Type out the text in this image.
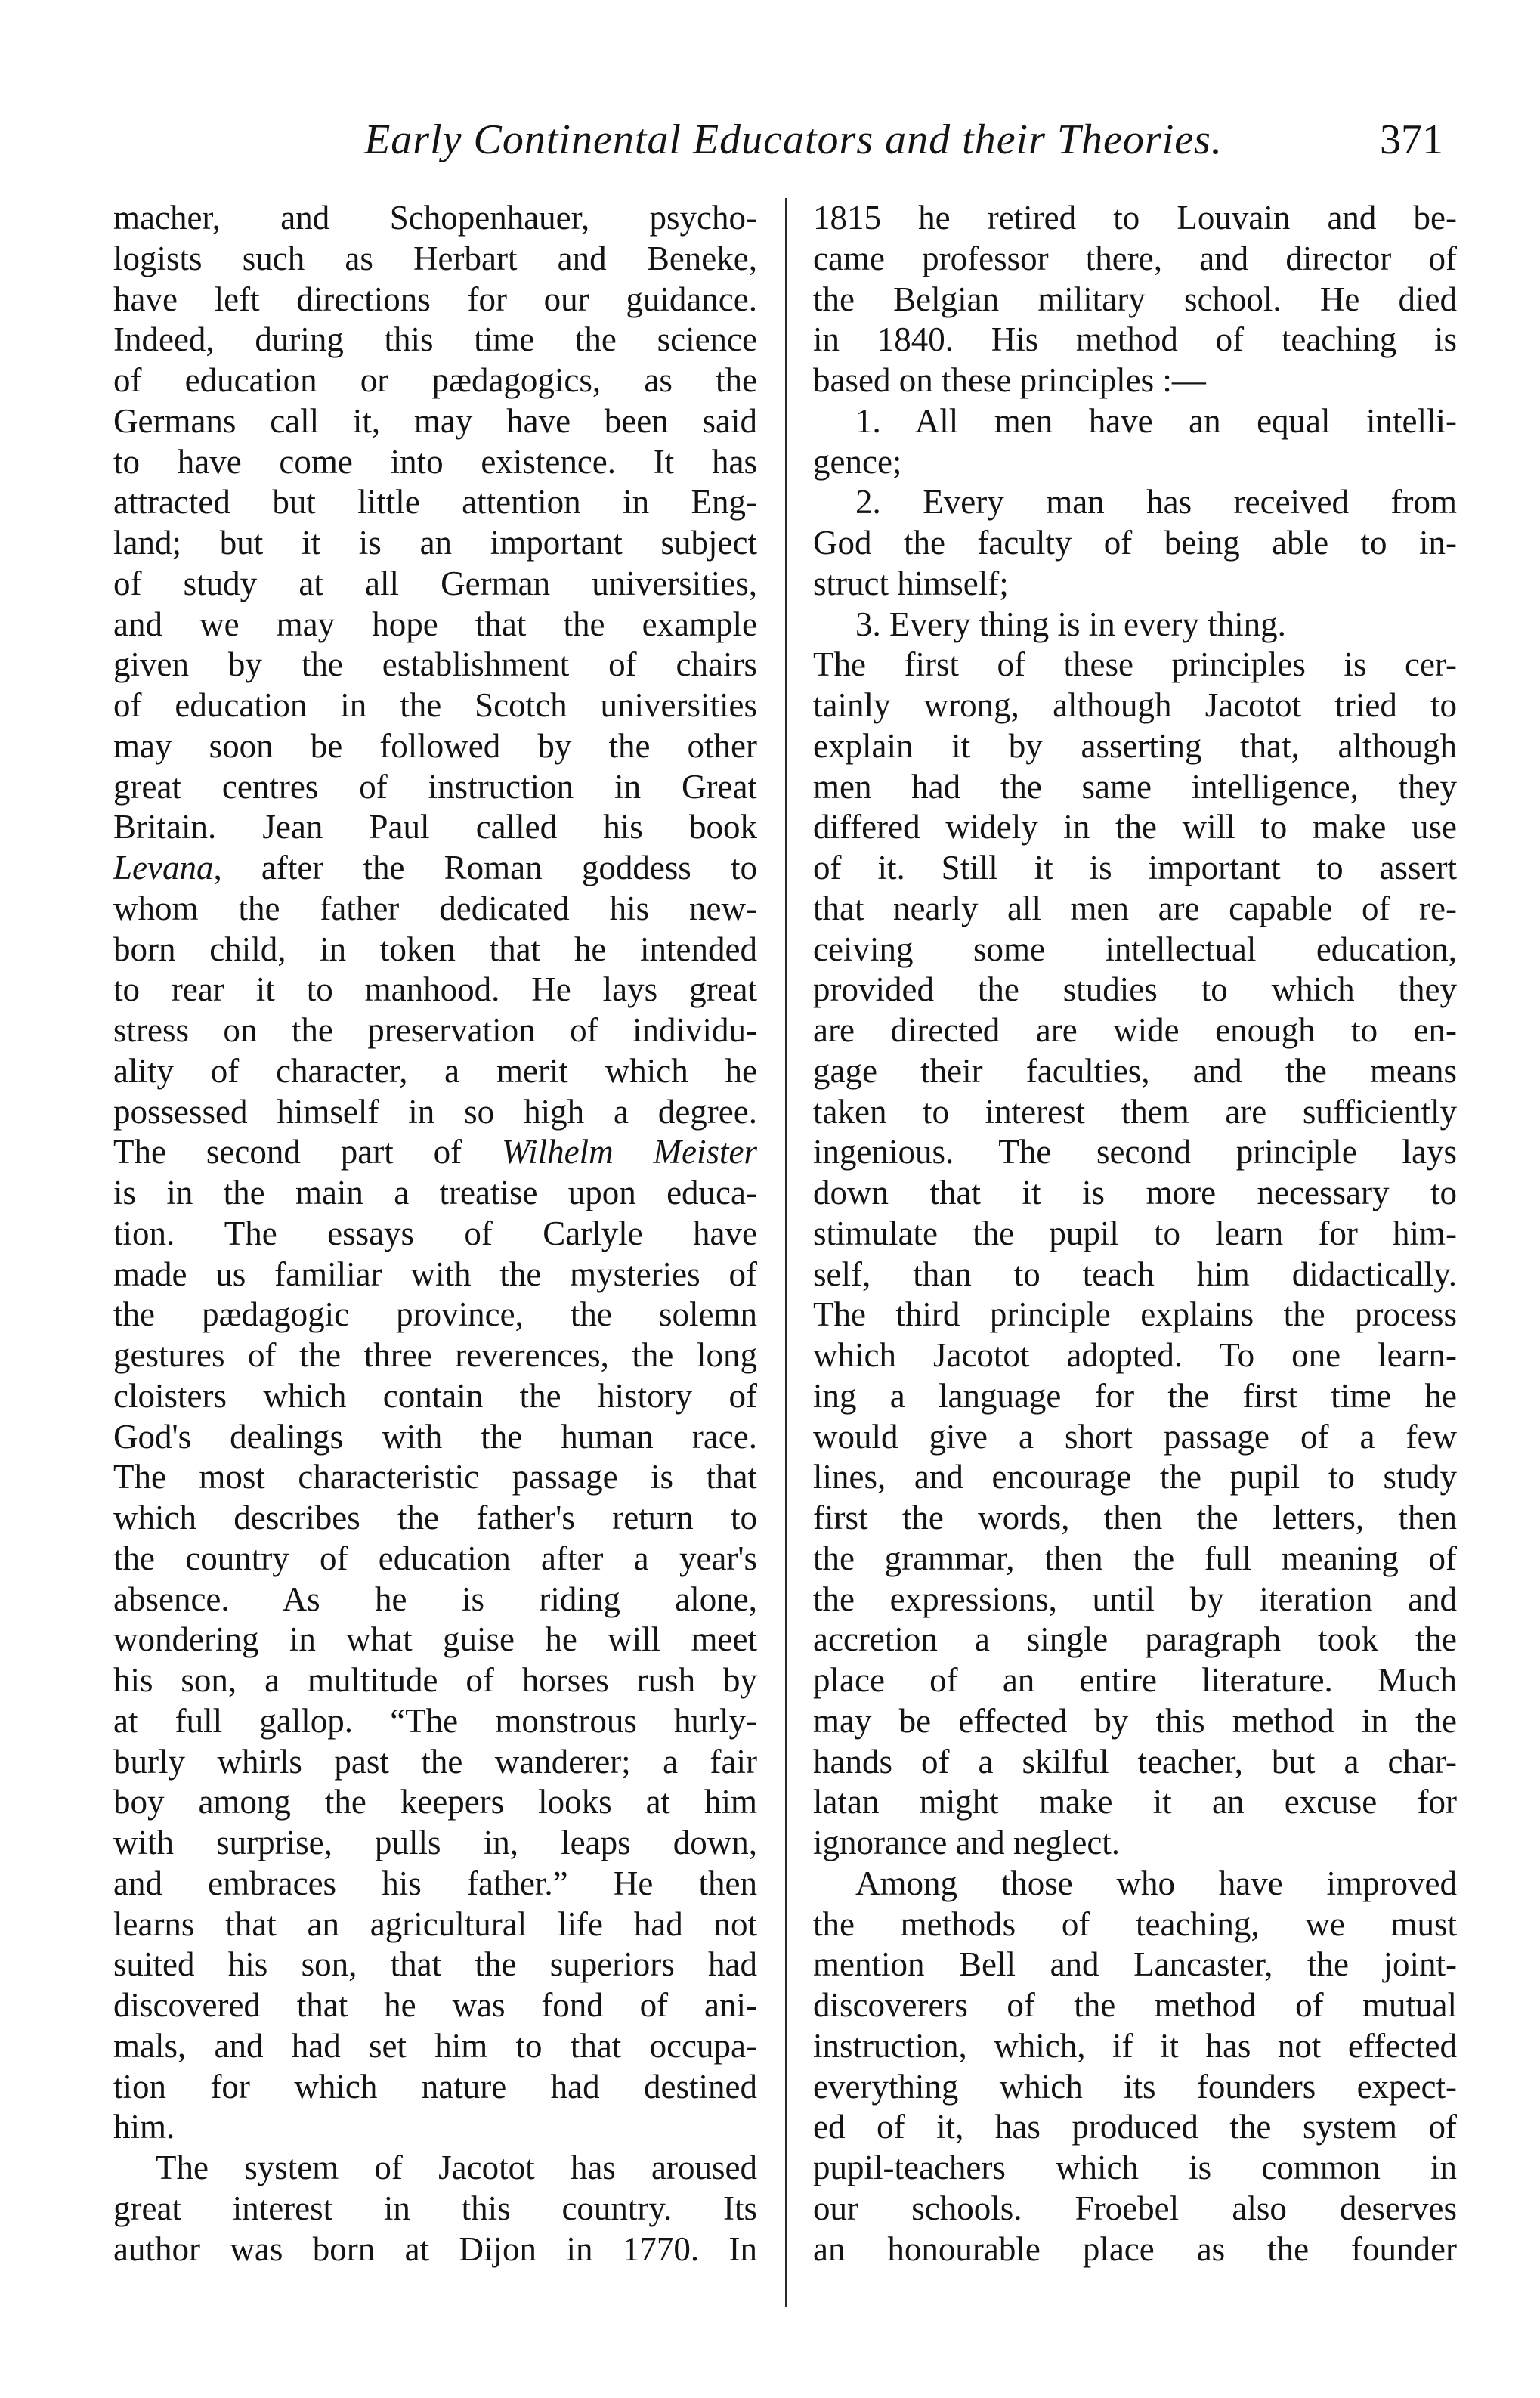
Early Continental Educators and their Theories.	371
macher, and Schopenhauer, psycho-
logists such as Herbart and Beneke,
have left directions for our guidance.
Indeed, during this time the science
of education or pædagogics, as the
Germans call it, may have been said
to have come into existence. It has
attracted but little attention in Eng-
land; but it is an important subject
of study at all German universities,
and we may hope that the example
given by the establishment of chairs
of education in the Scotch universities
may soon be followed by the other
great centres of instruction in Great
Britain. Jean Paul called his book
Levana, after the Roman goddess to
whom the father dedicated his new-
born child, in token that he intended
to rear it to manhood. He lays great
stress on the preservation of individu-
ality of character, a merit which he
possessed himself in so high a degree.
The second part of Wilhelm Meister
is in the main a treatise upon educa-
tion. The essays of Carlyle have
made us familiar with the mysteries of
the pædagogic province, the solemn
gestures of the three reverences, the long
cloisters which contain the history of
God's dealings with the human race.
The most characteristic passage is that
which describes the father's return to
the country of education after a year's
absence. As he is riding alone,
wondering in what guise he will meet
his son, a multitude of horses rush by
at full gallop. “The monstrous hurly-
burly whirls past the wanderer; a fair
boy among the keepers looks at him
with surprise, pulls in, leaps down,
and embraces his father.” He then
learns that an agricultural life had not
suited his son, that the superiors had
discovered that he was fond of ani-
mals, and had set him to that occupa-
tion for which nature had destined
him.
The system of Jacotot has aroused
great interest in this country. Its
author was born at Dijon in 1770. In
1815 he retired to Louvain and be-
came professor there, and director of
the Belgian military school. He died
in 1840. His method of teaching is
based on these principles :—
1. All men have an equal intelli-
gence;
2. Every man has received from
God the faculty of being able to in-
struct himself;
3. Every thing is in every thing.
The first of these principles is cer-
tainly wrong, although Jacotot tried to
explain it by asserting that, although
men had the same intelligence, they
differed widely in the will to make use
of it. Still it is important to assert
that nearly all men are capable of re-
ceiving some intellectual education,
provided the studies to which they
are directed are wide enough to en-
gage their faculties, and the means
taken to interest them are sufficiently
ingenious. The second principle lays
down that it is more necessary to
stimulate the pupil to learn for him-
self, than to teach him didactically.
The third principle explains the process
which Jacotot adopted. To one learn-
ing a language for the first time he
would give a short passage of a few
lines, and encourage the pupil to study
first the words, then the letters, then
the grammar, then the full meaning of
the expressions, until by iteration and
accretion a single paragraph took the
place of an entire literature. Much
may be effected by this method in the
hands of a skilful teacher, but a char-
latan might make it an excuse for
ignorance and neglect.
Among those who have improved
the methods of teaching, we must
mention Bell and Lancaster, the joint-
discoverers of the method of mutual
instruction, which, if it has not effected
everything which its founders expect-
ed of it, has produced the system of
pupil-teachers which is common in
our schools. Froebel also deserves
an honourable place as the founder
